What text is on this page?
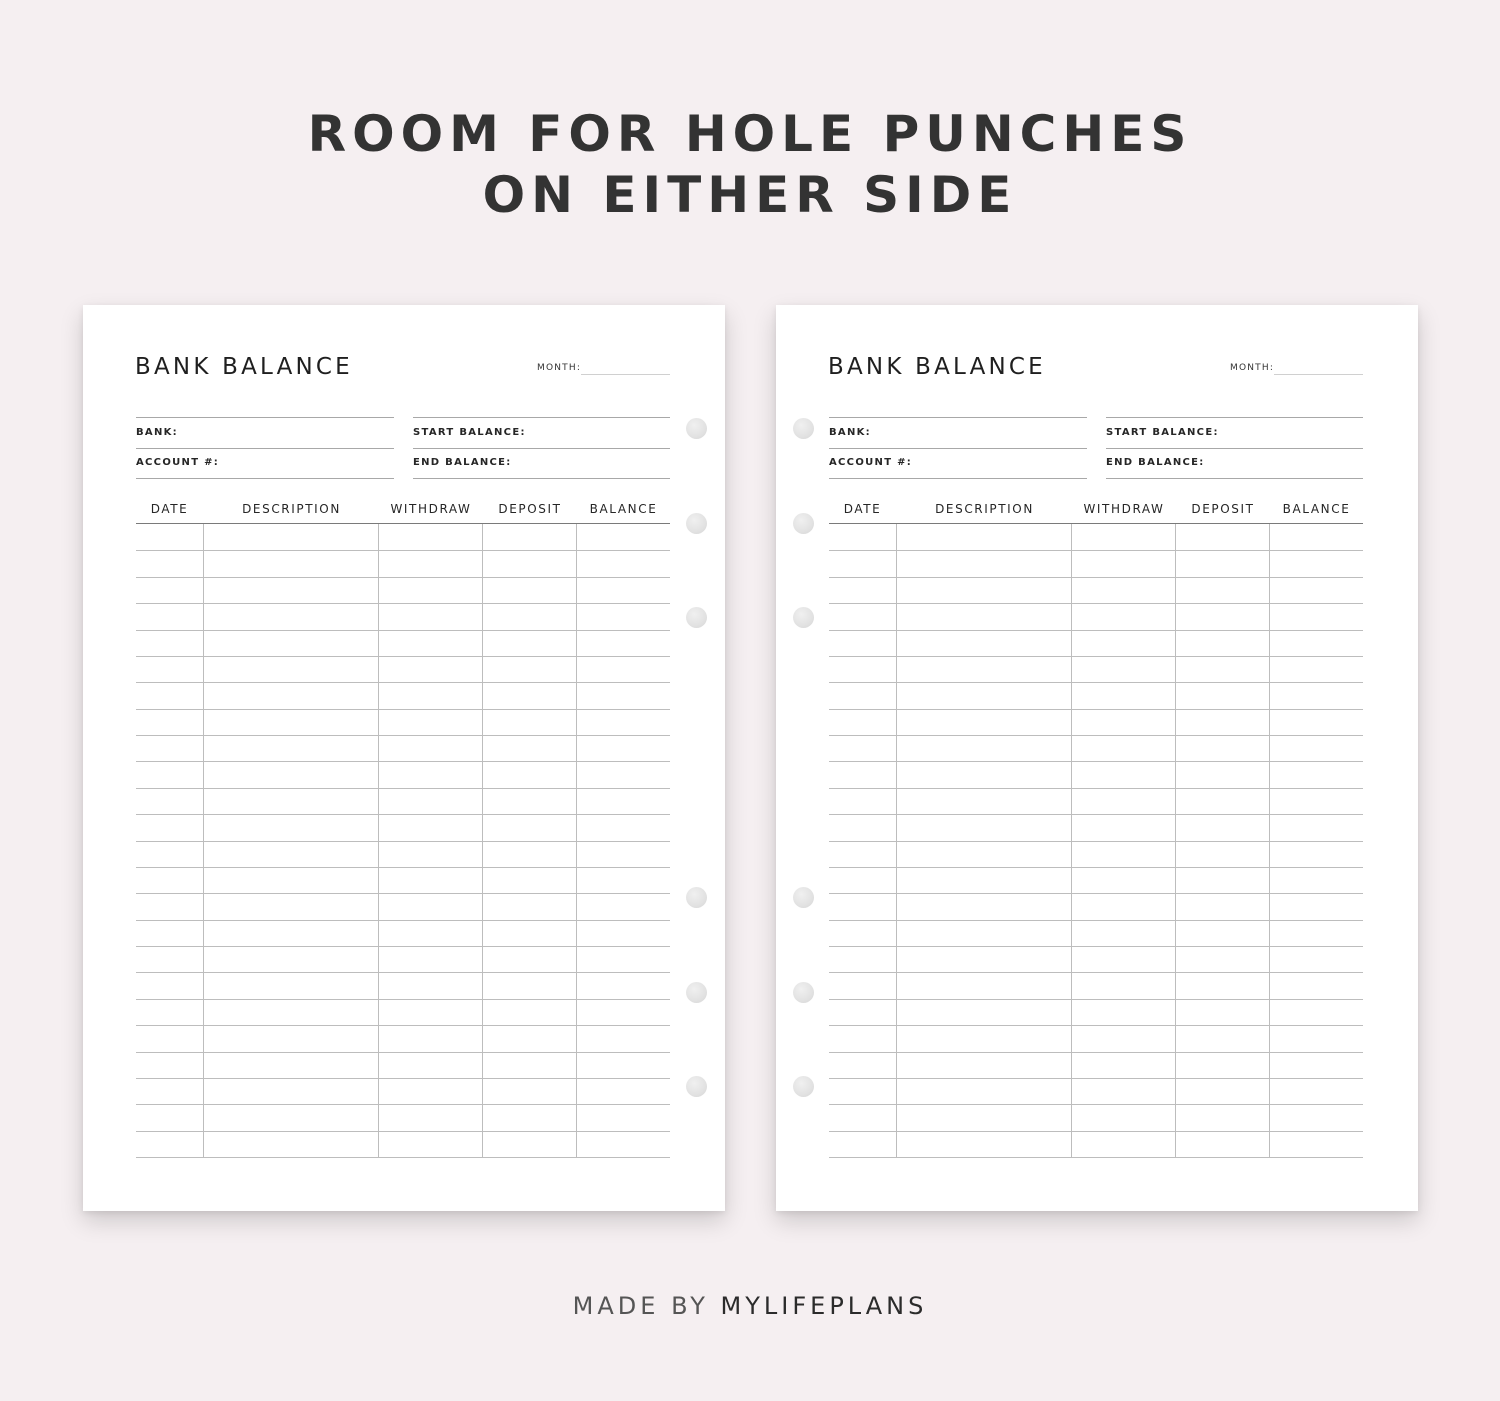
ROOM FOR HOLE PUNCHES
ON EITHER SIDE
BANK BALANCE	MONTH:
BANK:	START BALANCE:
ACCOUNT #:	END BALANCE:
DATE	DESCRIPTION	WITHDRAW	DEPOSIT	BALANCE
BANK BALANCE	MONTH:
BANK:	START BALANCE:
ACCOUNT #:	END BALANCE:
DATE	DESCRIPTION	WITHDRAW	DEPOSIT	BALANCE
MADE BY MYLIFEPLANS
